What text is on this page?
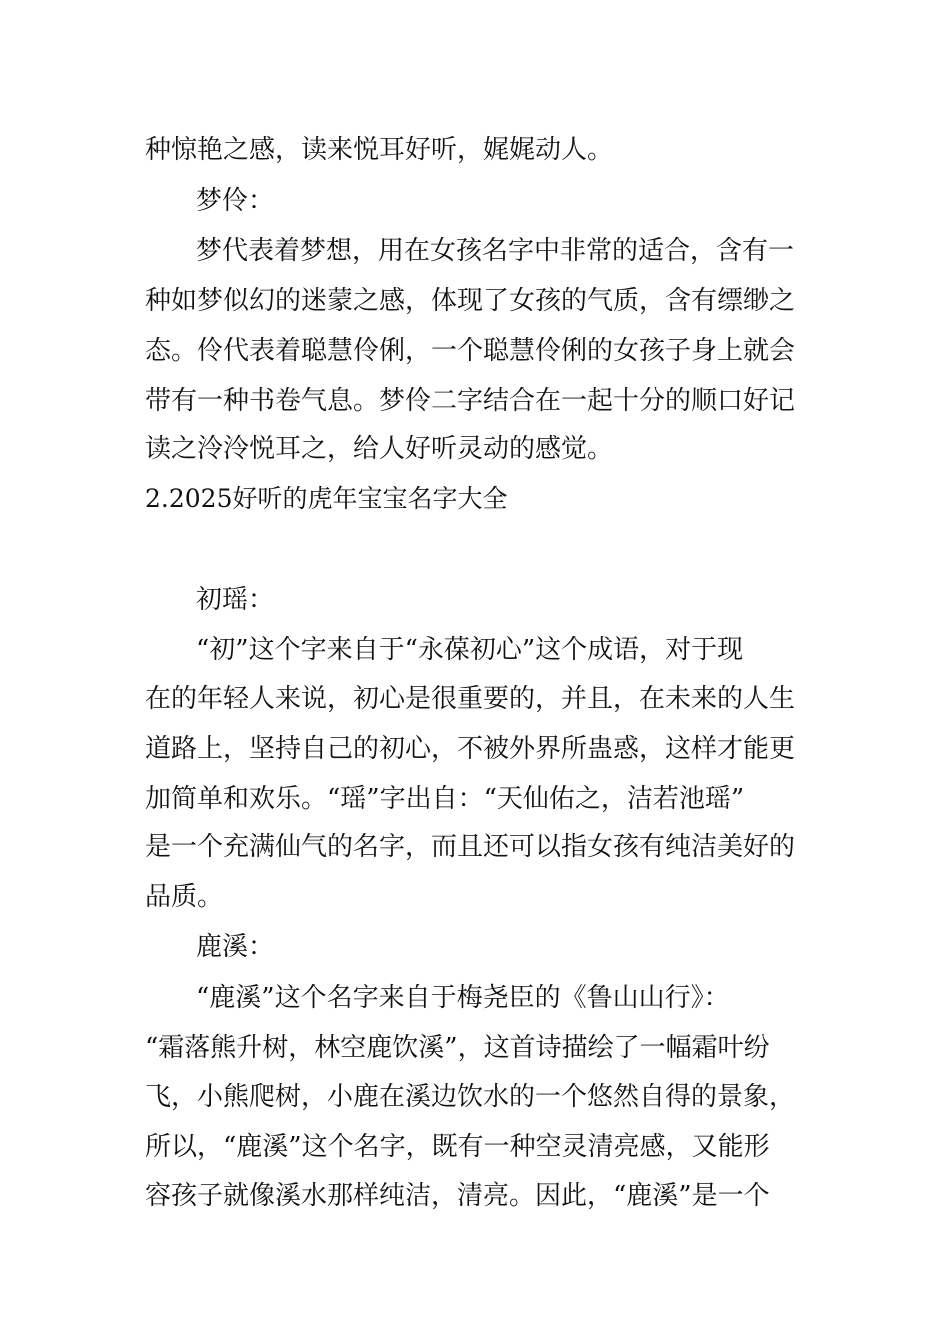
种惊艳之感，读来悦耳好听，娓娓动人。
梦伶：
梦代表着梦想，用在女孩名字中非常的适合，含有一
种如梦似幻的迷蒙之感，体现了女孩的气质，含有缥缈之
态。伶代表着聪慧伶俐，一个聪慧伶俐的女孩子身上就会
带有一种书卷气息。梦伶二字结合在一起十分的顺口好记
读之泠泠悦耳之，给人好听灵动的感觉。
2.2025好听的虎年宝宝名字大全
初瑶：
“初”这个字来自于“永葆初心”这个成语，对于现
在的年轻人来说，初心是很重要的，并且，在未来的人生
道路上，坚持自己的初心，不被外界所蛊惑，这样才能更
加简单和欢乐。“瑶”字出自：“天仙佑之，洁若池瑶”
是一个充满仙气的名字，而且还可以指女孩有纯洁美好的
品质。
鹿溪：
“鹿溪”这个名字来自于梅尧臣的《鲁山山行》：
“霜落熊升树，林空鹿饮溪”，这首诗描绘了一幅霜叶纷
飞，小熊爬树，小鹿在溪边饮水的一个悠然自得的景象，
所以，“鹿溪”这个名字，既有一种空灵清亮感，又能形
容孩子就像溪水那样纯洁，清亮。因此，“鹿溪”是一个
